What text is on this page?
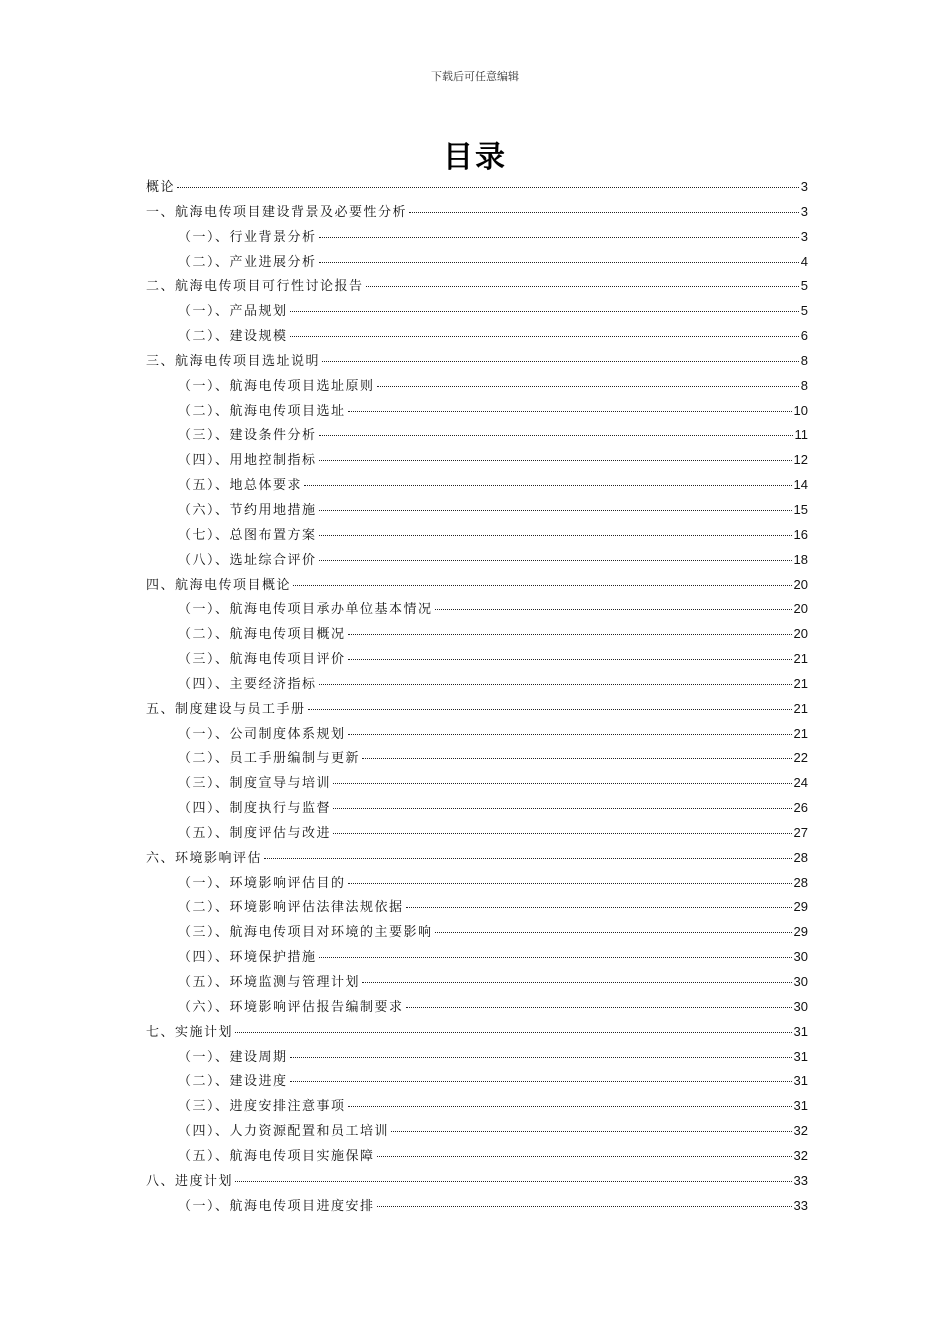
下载后可任意编辑
目录
概论	3
一、航海电传项目建设背景及必要性分析	3
（一）、行业背景分析	3
（二）、产业进展分析	4
二、航海电传项目可行性讨论报告	5
（一）、产品规划	5
（二）、建设规模	6
三、航海电传项目选址说明	8
（一）、航海电传项目选址原则	8
（二）、航海电传项目选址	10
（三）、建设条件分析	11
（四）、用地控制指标	12
（五）、地总体要求	14
（六）、节约用地措施	15
（七）、总图布置方案	16
（八）、选址综合评价	18
四、航海电传项目概论	20
（一）、航海电传项目承办单位基本情况	20
（二）、航海电传项目概况	20
（三）、航海电传项目评价	21
（四）、主要经济指标	21
五、制度建设与员工手册	21
（一）、公司制度体系规划	21
（二）、员工手册编制与更新	22
（三）、制度宣导与培训	24
（四）、制度执行与监督	26
（五）、制度评估与改进	27
六、环境影响评估	28
（一）、环境影响评估目的	28
（二）、环境影响评估法律法规依据	29
（三）、航海电传项目对环境的主要影响	29
（四）、环境保护措施	30
（五）、环境监测与管理计划	30
（六）、环境影响评估报告编制要求	30
七、实施计划	31
（一）、建设周期	31
（二）、建设进度	31
（三）、进度安排注意事项	31
（四）、人力资源配置和员工培训	32
（五）、航海电传项目实施保障	32
八、进度计划	33
（一）、航海电传项目进度安排	33
